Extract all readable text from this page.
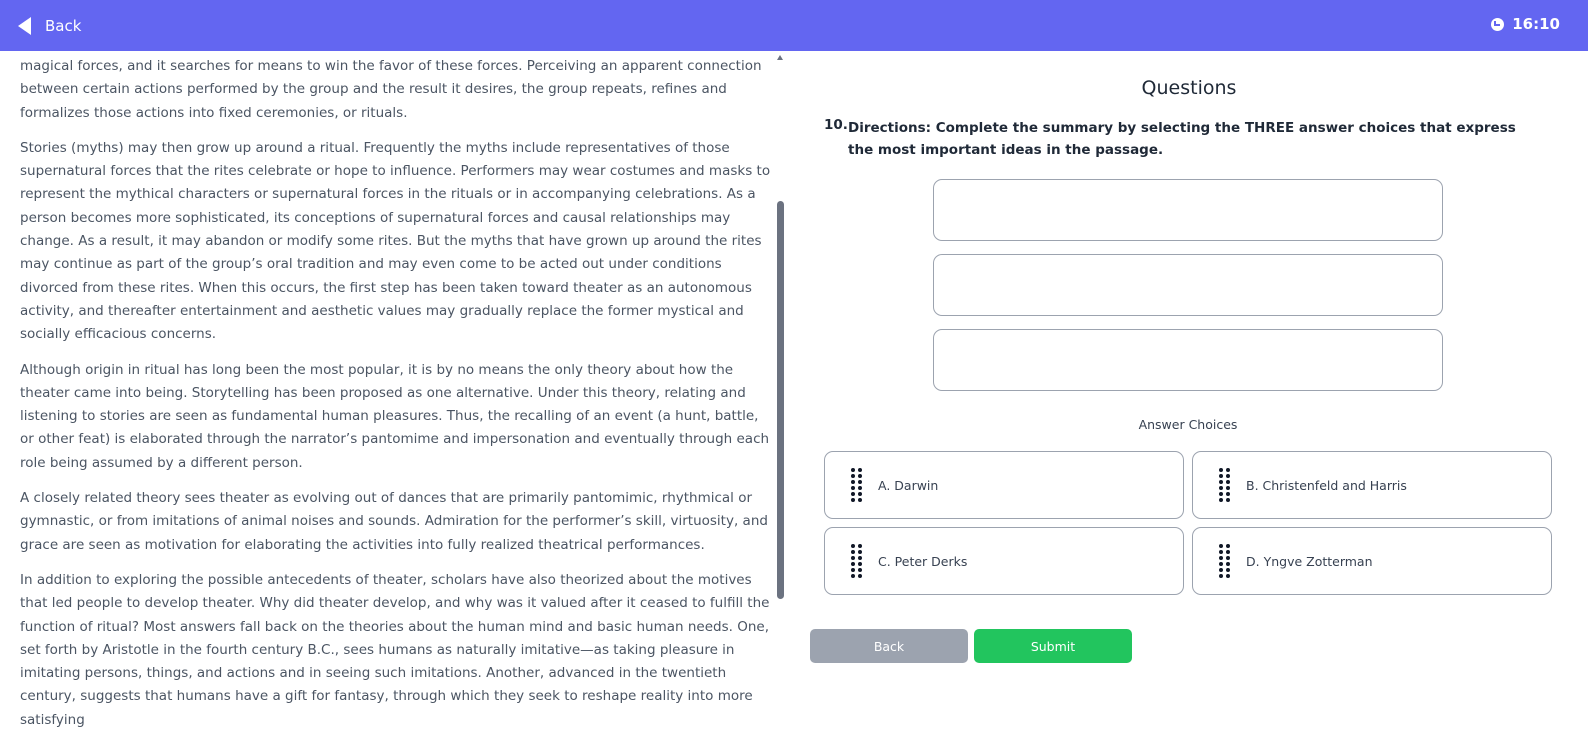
Back	16:10

magical forces, and it searches for means to win the favor of these forces. Perceiving an apparent connection between certain actions performed by the group and the result it desires, the group repeats, refines and formalizes those actions into fixed ceremonies, or rituals.

Stories (myths) may then grow up around a ritual. Frequently the myths include representatives of those supernatural forces that the rites celebrate or hope to influence. Performers may wear costumes and masks to represent the mythical characters or supernatural forces in the rituals or in accompanying celebrations. As a person becomes more sophisticated, its conceptions of supernatural forces and causal relationships may change. As a result, it may abandon or modify some rites. But the myths that have grown up around the rites may continue as part of the group’s oral tradition and may even come to be acted out under conditions divorced from these rites. When this occurs, the first step has been taken toward theater as an autonomous activity, and thereafter entertainment and aesthetic values may gradually replace the former mystical and socially efficacious concerns.

Although origin in ritual has long been the most popular, it is by no means the only theory about how the theater came into being. Storytelling has been proposed as one alternative. Under this theory, relating and listening to stories are seen as fundamental human pleasures. Thus, the recalling of an event (a hunt, battle, or other feat) is elaborated through the narrator’s pantomime and impersonation and eventually through each role being assumed by a different person.

A closely related theory sees theater as evolving out of dances that are primarily pantomimic, rhythmical or gymnastic, or from imitations of animal noises and sounds. Admiration for the performer’s skill, virtuosity, and grace are seen as motivation for elaborating the activities into fully realized theatrical performances.

In addition to exploring the possible antecedents of theater, scholars have also theorized about the motives that led people to develop theater. Why did theater develop, and why was it valued after it ceased to fulfill the function of ritual? Most answers fall back on the theories about the human mind and basic human needs. One, set forth by Aristotle in the fourth century B.C., sees humans as naturally imitative—as taking pleasure in imitating persons, things, and actions and in seeing such imitations. Another, advanced in the twentieth century, suggests that humans have a gift for fantasy, through which they seek to reshape reality into more satisfying

Questions
10. Directions: Complete the summary by selecting the THREE answer choices that express the most important ideas in the passage.
Answer Choices
A. Darwin	B. Christenfeld and Harris
C. Peter Derks	D. Yngve Zotterman
Back	Submit
